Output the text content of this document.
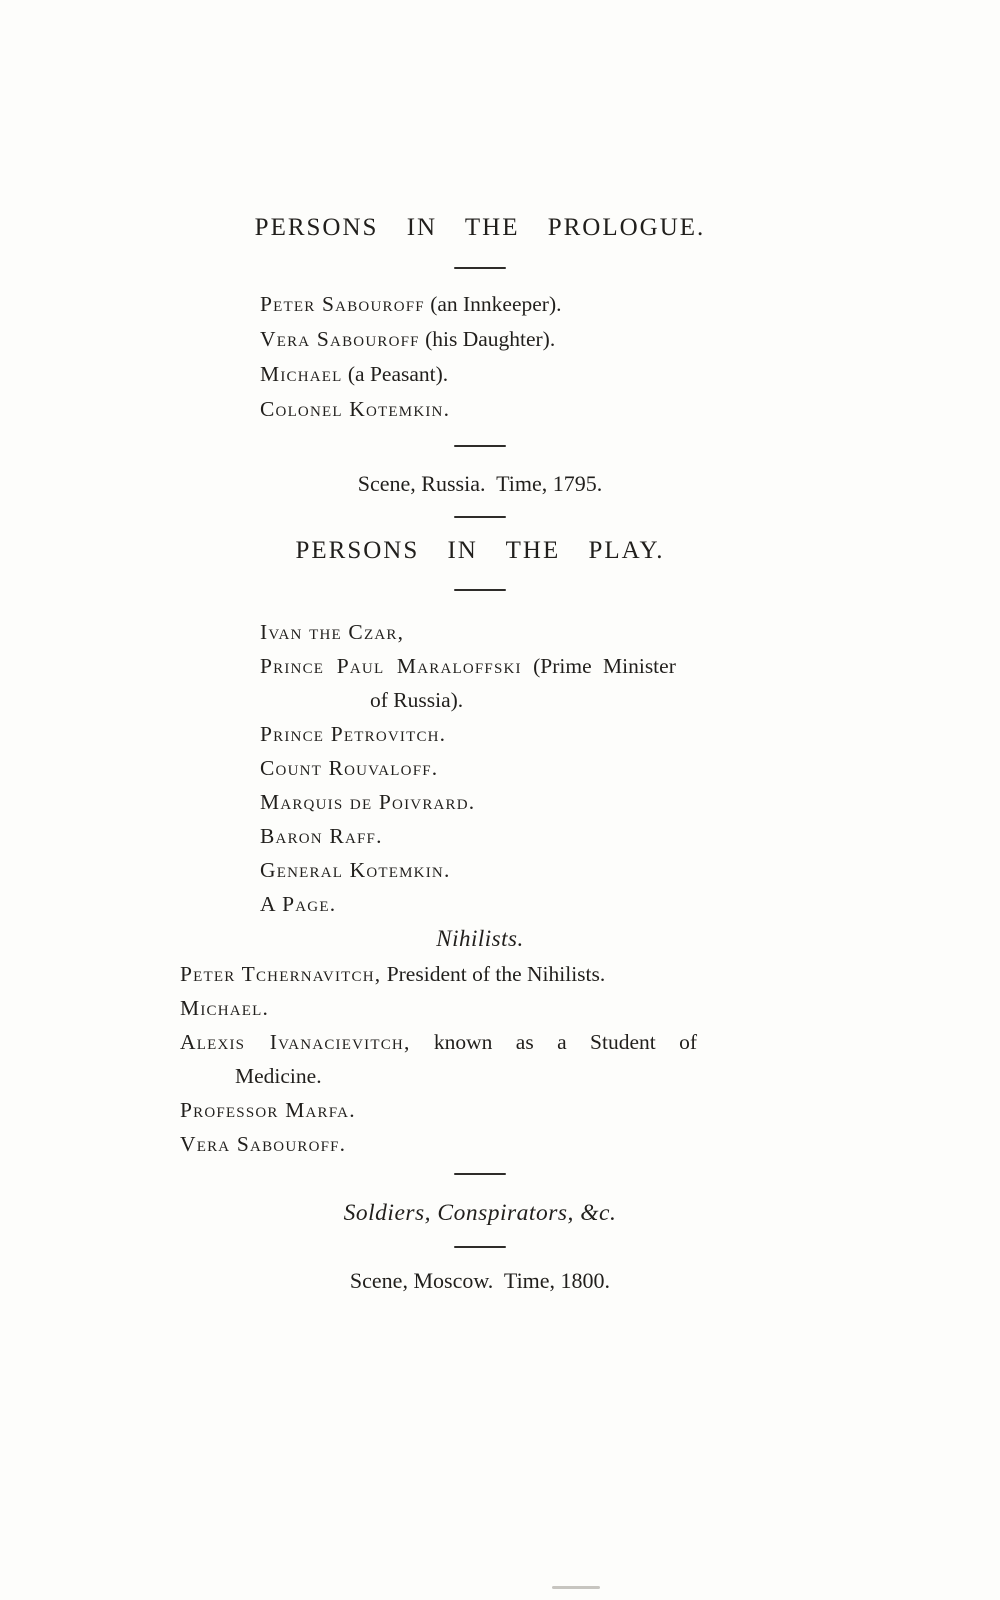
PERSONS IN THE PROLOGUE.
Peter Sabouroff (an Innkeeper).
Vera Sabouroff (his Daughter).
Michael (a Peasant).
Colonel Kotemkin.
Scene, Russia.  Time, 1795.
PERSONS IN THE PLAY.
Ivan the Czar,
Prince Paul Maraloffski (Prime Minister
of Russia).
Prince Petrovitch.
Count Rouvaloff.
Marquis de Poivrard.
Baron Raff.
General Kotemkin.
A Page.
Nihilists.
Peter Tchernavitch, President of the Nihilists.
Michael.
Alexis Ivanacievitch, known as a Student of
Medicine.
Professor Marfa.
Vera Sabouroff.
Soldiers, Conspirators, &c.
Scene, Moscow.  Time, 1800.
